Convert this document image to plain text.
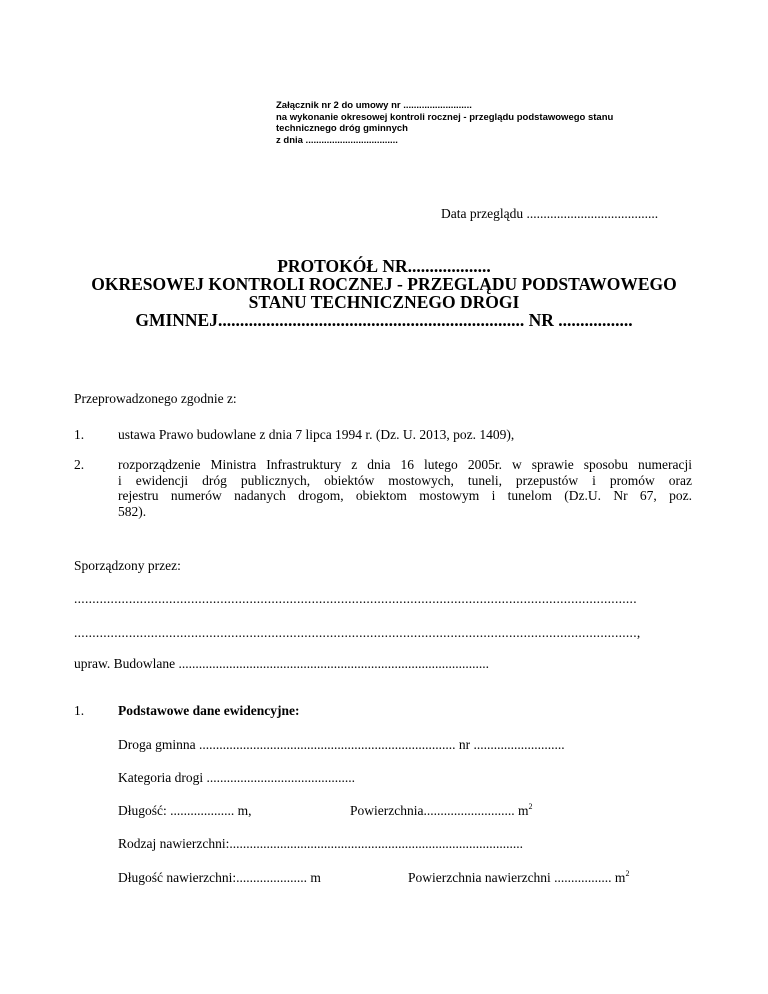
Załącznik nr 2 do umowy nr ..........................
na wykonanie okresowej kontroli rocznej - przeglądu podstawowego stanu
technicznego dróg gminnych
z dnia ...................................
Data przeglądu .......................................
PROTOKÓŁ NR...................
OKRESOWEJ KONTROLI ROCZNEJ - PRZEGLĄDU PODSTAWOWEGO
STANU TECHNICZNEGO DROGI
GMINNEJ...................................................................... NR .................
Przeprowadzonego zgodnie z:
1.	ustawa Prawo budowlane z dnia 7 lipca 1994 r. (Dz. U. 2013, poz. 1409),
2.	rozporządzenie Ministra Infrastruktury z dnia 16 lutego 2005r. w sprawie sposobu numeracji
i ewidencji dróg publicznych, obiektów mostowych, tuneli, przepustów i promów oraz
rejestru numerów nadanych drogom, obiektom mostowym i tunelom (Dz.U. Nr 67, poz.
582).
Sporządzony przez:
..........................................................................................................................................................
..........................................................................................................................................................,
upraw. Budowlane ............................................................................................
1.	Podstawowe dane ewidencyjne:
Droga gminna ............................................................................ nr ...........................
Kategoria drogi ............................................
Długość: ................... m,	Powierzchnia........................... $m^2$
Rodzaj nawierzchni:.......................................................................................
Długość nawierzchni:..................... m	Powierzchnia nawierzchni ................. $m^2$
